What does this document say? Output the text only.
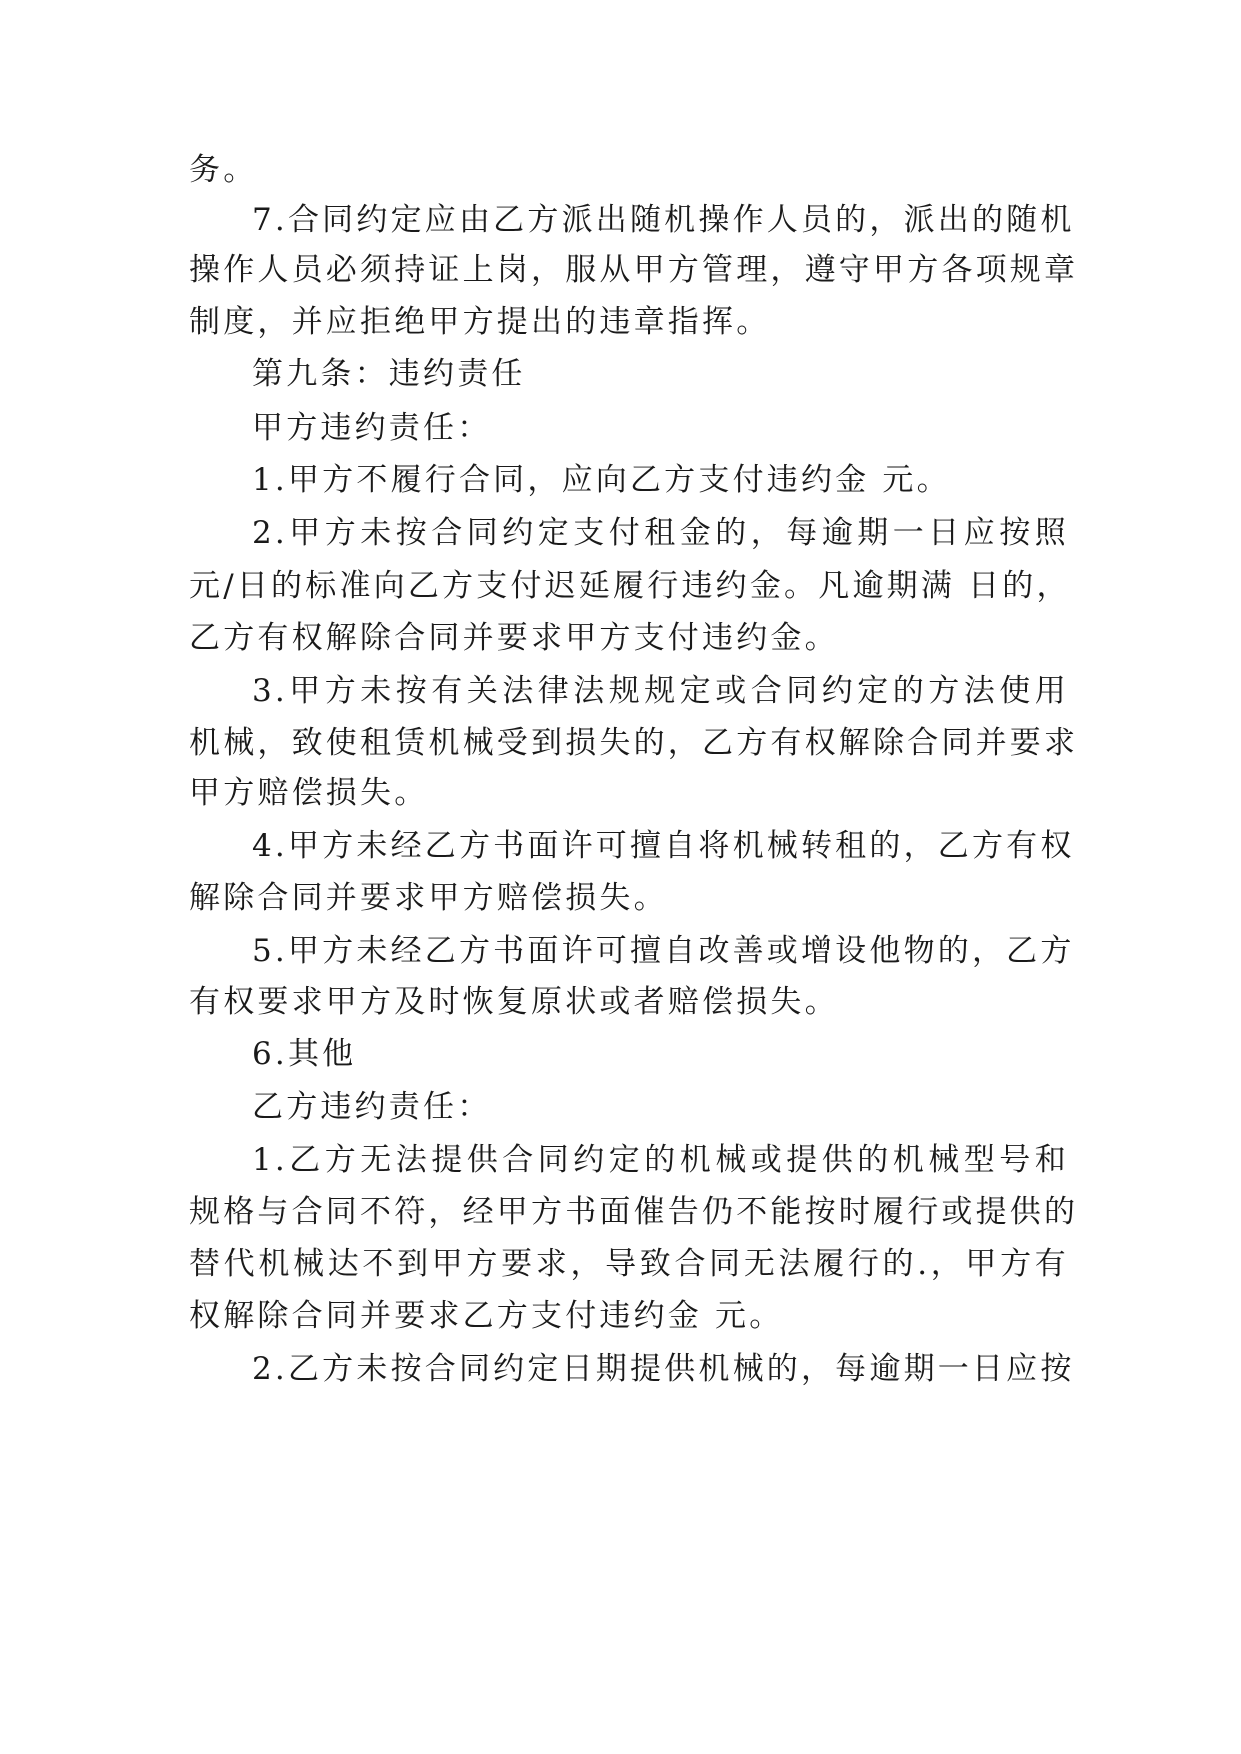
务。
7.合同约定应由乙方派出随机操作人员的，派出的随机
操作人员必须持证上岗，服从甲方管理，遵守甲方各项规章
制度，并应拒绝甲方提出的违章指挥。
第九条：违约责任
甲方违约责任：
1.甲方不履行合同，应向乙方支付违约金 元。
2.甲方未按合同约定支付租金的，每逾期一日应按照
元/日的标准向乙方支付迟延履行违约金。凡逾期满 日的，
乙方有权解除合同并要求甲方支付违约金。
3.甲方未按有关法律法规规定或合同约定的方法使用
机械，致使租赁机械受到损失的，乙方有权解除合同并要求
甲方赔偿损失。
4.甲方未经乙方书面许可擅自将机械转租的，乙方有权
解除合同并要求甲方赔偿损失。
5.甲方未经乙方书面许可擅自改善或增设他物的，乙方
有权要求甲方及时恢复原状或者赔偿损失。
6.其他
乙方违约责任：
1.乙方无法提供合同约定的机械或提供的机械型号和
规格与合同不符，经甲方书面催告仍不能按时履行或提供的
替代机械达不到甲方要求，导致合同无法履行的.，甲方有
权解除合同并要求乙方支付违约金 元。
2.乙方未按合同约定日期提供机械的，每逾期一日应按
